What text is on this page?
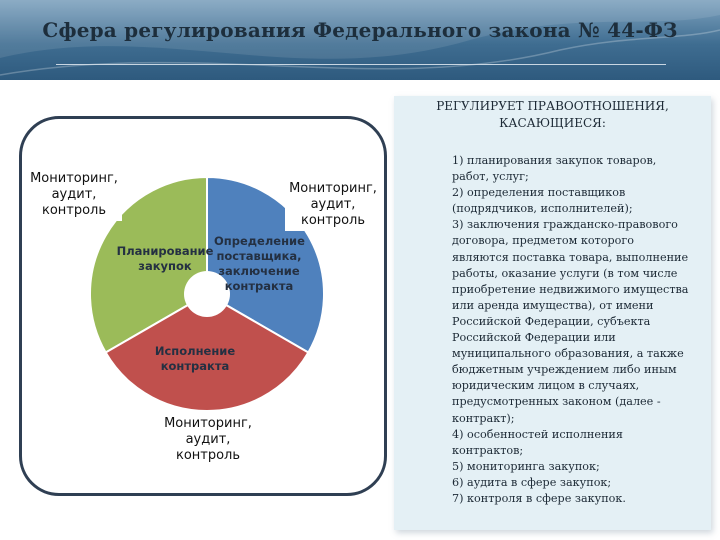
Сфера регулирования Федерального закона № 44-ФЗ
Мониторинг,
аудит,
контроль
Мониторинг,
аудит,
контроль
Мониторинг,
аудит,
контроль
Планирование
закупок
Определение
поставщика,
заключение
контракта
Исполнение
контракта
РЕГУЛИРУЕТ ПРАВООТНОШЕНИЯ,
КАСАЮЩИЕСЯ:
1) планирования закупок товаров,
работ, услуг;
2) определения поставщиков
(подрядчиков, исполнителей);
3) заключения гражданско-правового
договора, предметом которого
являются поставка товара, выполнение
работы, оказание услуги (в том числе
приобретение недвижимого имущества
или аренда имущества), от имени
Российской Федерации, субъекта
Российской Федерации или
муниципального образования, а также
бюджетным учреждением либо иным
юридическим лицом в случаях,
предусмотренных законом (далее -
контракт);
4) особенностей исполнения
контрактов;
5) мониторинга закупок;
6) аудита в сфере закупок;
7) контроля в сфере закупок.
